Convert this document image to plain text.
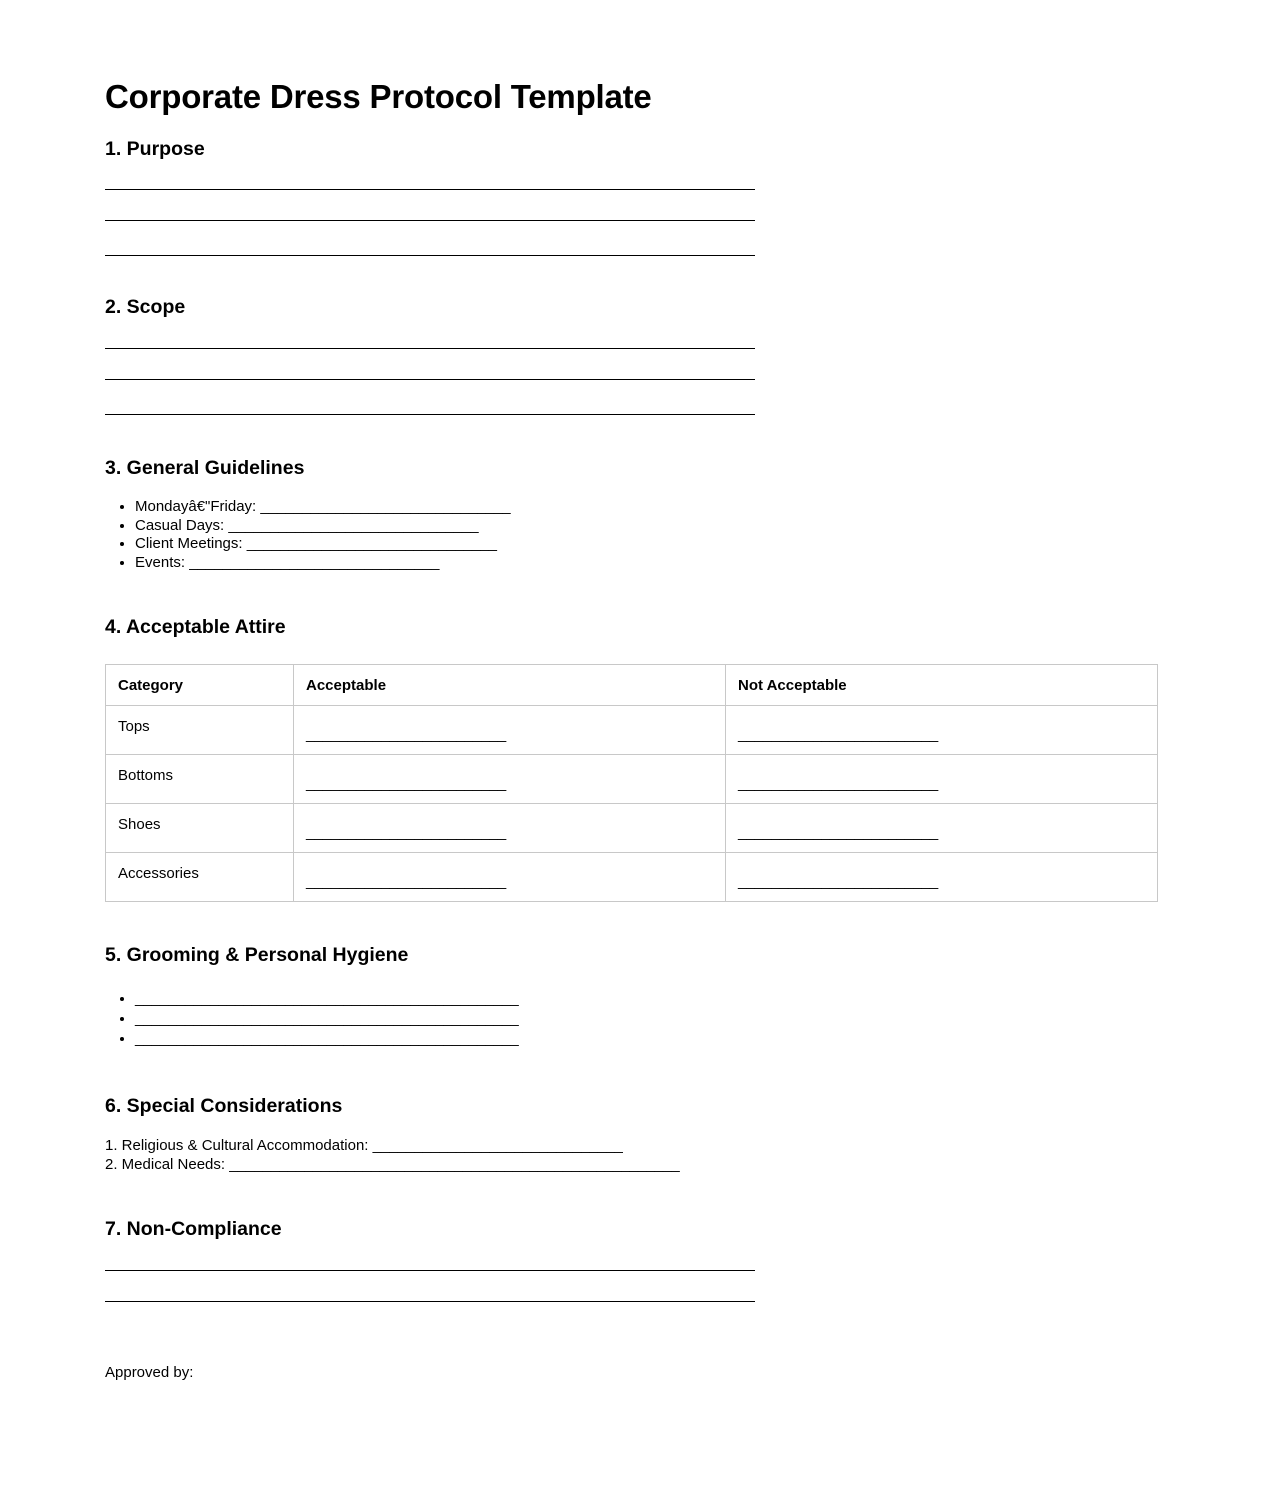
Corporate Dress Protocol Template
1. Purpose
2. Scope
3. General Guidelines
• Mondayâ€"Friday: ______________________________
• Casual Days: ______________________________
• Client Meetings: ______________________________
• Events: ______________________________
4. Acceptable Attire
Category	Acceptable	Not Acceptable
Tops	________________________	________________________

Bottoms	________________________	________________________

Shoes	________________________	________________________

Accessories	________________________	________________________
5. Grooming & Personal Hygiene
• ______________________________________________
• ______________________________________________
• ______________________________________________
6. Special Considerations
1. Religious & Cultural Accommodation: ______________________________
2. Medical Needs: ______________________________________________________
7. Non-Compliance
Approved by:
